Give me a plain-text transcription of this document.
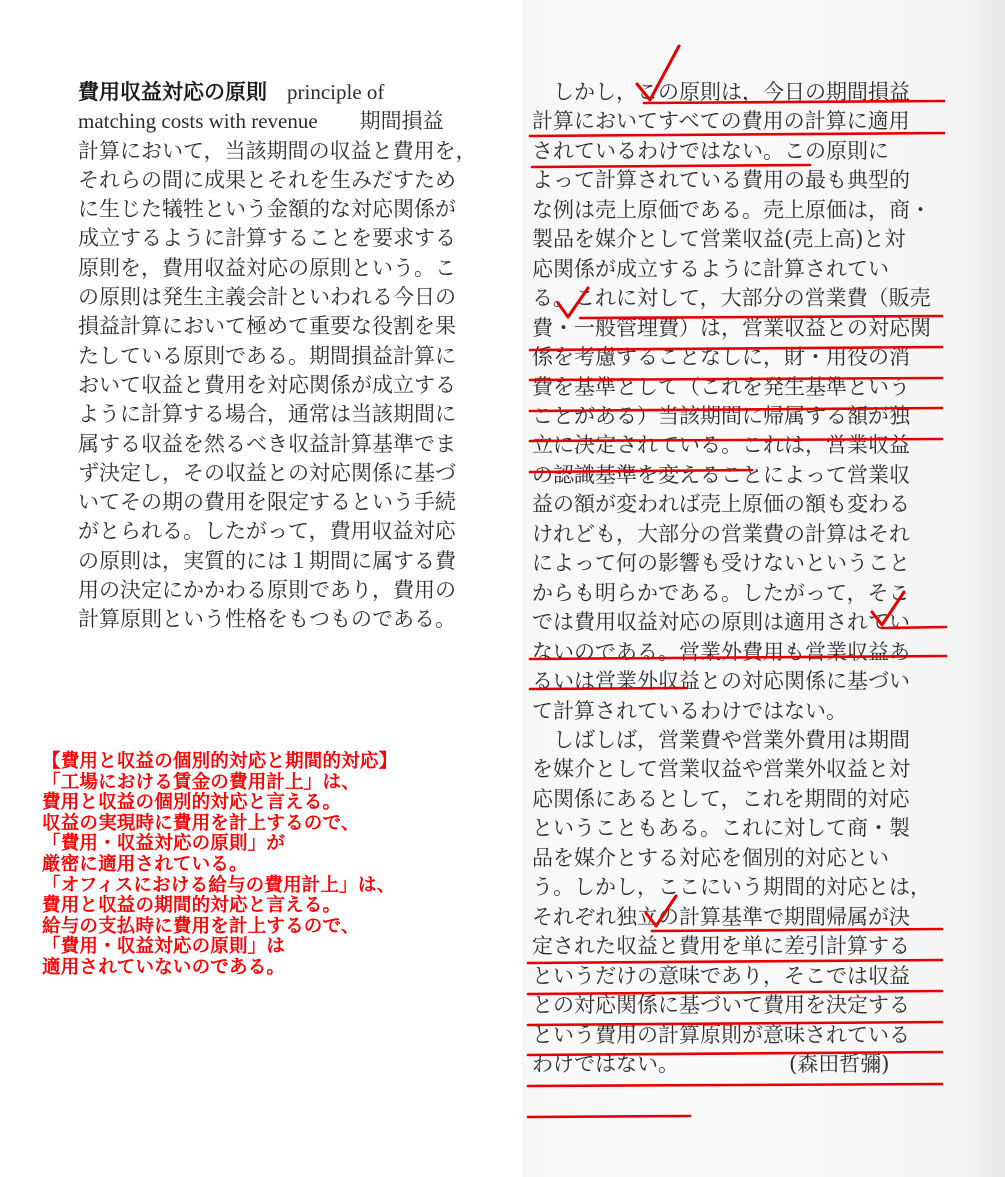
費用収益対応の原則 principle of
matching costs with revenue　　期間損益
計算において，当該期間の収益と費用を，
それらの間に成果とそれを生みだすため
に生じた犠牲という金額的な対応関係が
成立するように計算することを要求する
原則を，費用収益対応の原則という。こ
の原則は発生主義会計といわれる今日の
損益計算において極めて重要な役割を果
たしている原則である。期間損益計算に
おいて収益と費用を対応関係が成立する
ように計算する場合，通常は当該期間に
属する収益を然るべき収益計算基準でま
ず決定し，その収益との対応関係に基づ
いてその期の費用を限定するという手続
がとられる。したがって，費用収益対応
の原則は，実質的には１期間に属する費
用の決定にかかわる原則であり，費用の
計算原則という性格をもつものである。
　しかし，この原則は，今日の期間損益
計算においてすべての費用の計算に適用
されているわけではない。この原則に
よって計算されている費用の最も典型的
な例は売上原価である。売上原価は，商・
製品を媒介として営業収益(売上高)と対
応関係が成立するように計算されてい
る。これに対して，大部分の営業費（販売
費・一般管理費）は，営業収益との対応関
係を考慮することなしに，財・用役の消
費を基準として（これを発生基準という
ことがある）当該期間に帰属する額が独
立に決定されている。これは，営業収益
の認識基準を変えることによって営業収
益の額が変われば売上原価の額も変わる
けれども，大部分の営業費の計算はそれ
によって何の影響も受けないということ
からも明らかである。したがって，そこ
では費用収益対応の原則は適用されてい
ないのである。営業外費用も営業収益あ
るいは営業外収益との対応関係に基づい
て計算されているわけではない。
　しばしば，営業費や営業外費用は期間
を媒介として営業収益や営業外収益と対
応関係にあるとして，これを期間的対応
ということもある。これに対して商・製
品を媒介とする対応を個別的対応とい
う。しかし，ここにいう期間的対応とは，
それぞれ独立の計算基準で期間帰属が決
定された収益と費用を単に差引計算する
というだけの意味であり，そこでは収益
との対応関係に基づいて費用を決定する
という費用の計算原則が意味されている
わけではない。	(森田哲彌)
【費用と収益の個別的対応と期間的対応】
「工場における賃金の費用計上」は、
費用と収益の個別的対応と言える。
収益の実現時に費用を計上するので、
「費用・収益対応の原則」が
厳密に適用されている。
「オフィスにおける給与の費用計上」は、
費用と収益の期間的対応と言える。
給与の支払時に費用を計上するので、
「費用・収益対応の原則」は
適用されていないのである。
